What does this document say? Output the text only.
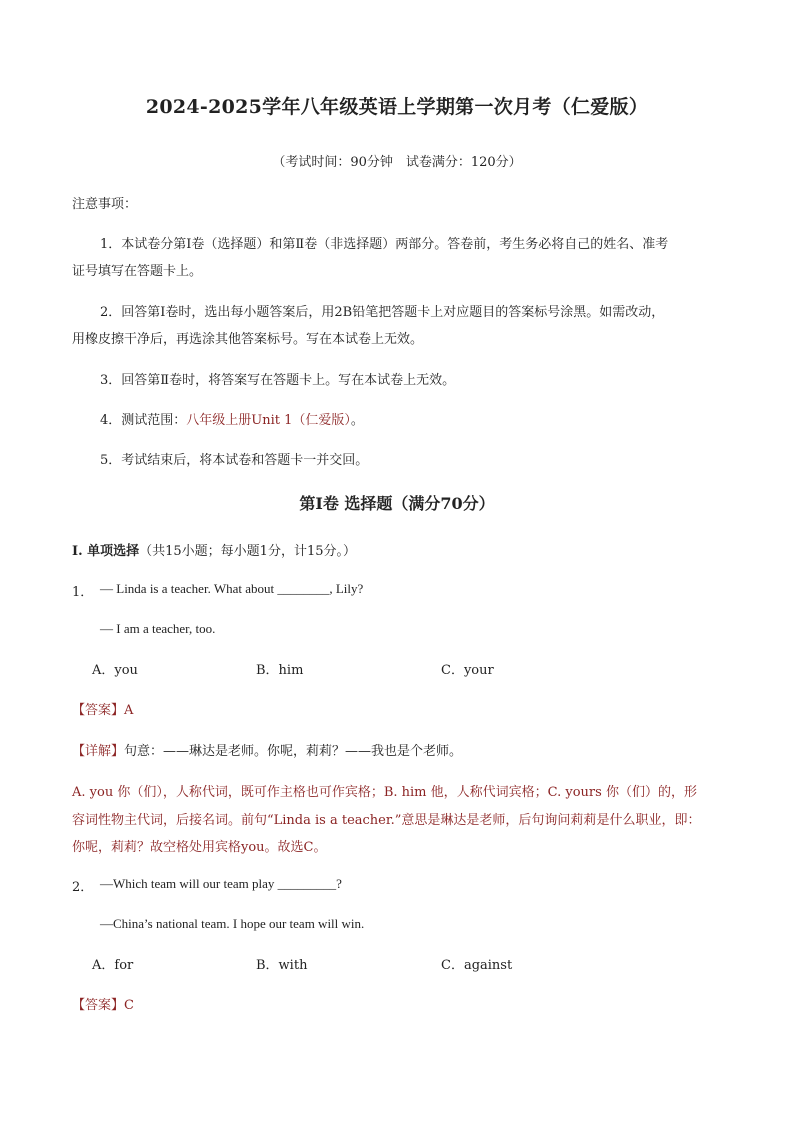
2024-2025学年八年级英语上学期第一次月考（仁爱版）
（考试时间：90分钟　试卷满分：120分）
注意事项：
1．本试卷分第Ⅰ卷（选择题）和第Ⅱ卷（非选择题）两部分。答卷前，考生务必将自己的姓名、准考
证号填写在答题卡上。
2．回答第Ⅰ卷时，选出每小题答案后，用2B铅笔把答题卡上对应题目的答案标号涂黑。如需改动，
用橡皮擦干净后，再选涂其他答案标号。写在本试卷上无效。
3．回答第Ⅱ卷时，将答案写在答题卡上。写在本试卷上无效。
4．测试范围：八年级上册Unit 1（仁爱版）。
5．考试结束后，将本试卷和答题卡一并交回。
第Ⅰ卷 选择题（满分70分）
I. 单项选择（共15小题；每小题1分，计15分。）
1． — Linda is a teacher. What about ________, Lily?
— I am a teacher, too.
A．you	B．him	C．your
【答案】A
【详解】句意：——琳达是老师。你呢，莉莉？——我也是个老师。
A. you 你（们），人称代词，既可作主格也可作宾格；B. him 他，人称代词宾格；C. yours 你（们）的，形
容词性物主代词，后接名词。前句“Linda is a teacher.”意思是琳达是老师，后句询问莉莉是什么职业，即：
你呢，莉莉？故空格处用宾格you。故选C。
2． —Which team will our team play _________?
—China’s national team. I hope our team will win.
A．for	B．with	C．against
【答案】C
